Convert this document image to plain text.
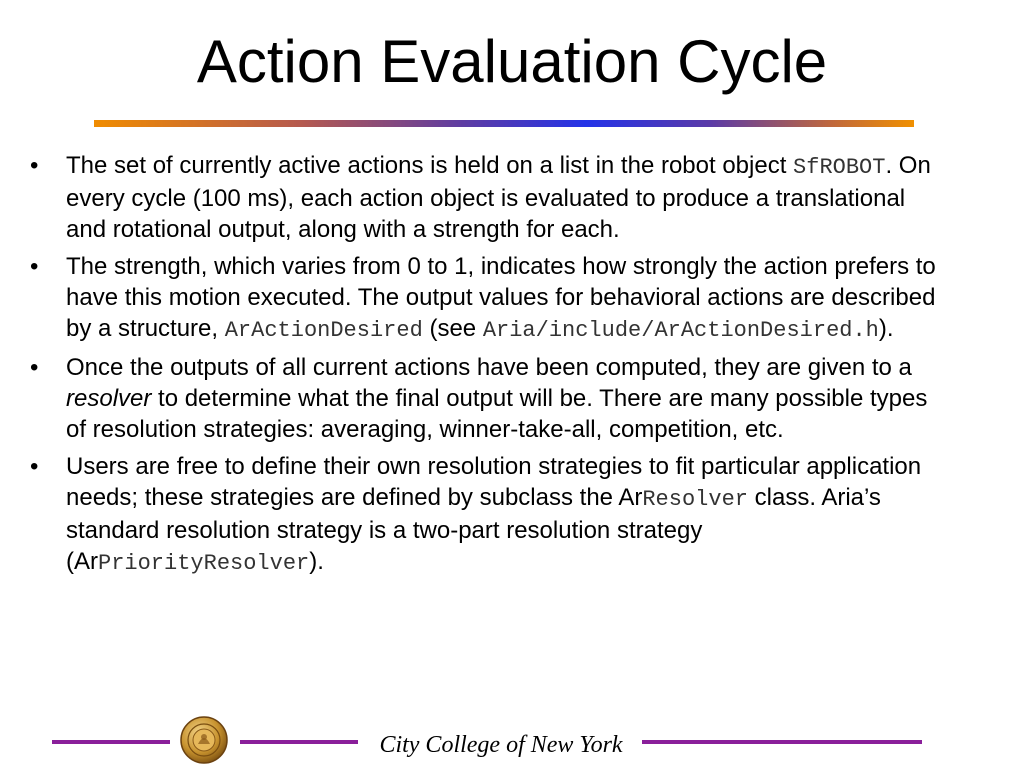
Action Evaluation Cycle
•	The set of currently active actions is held on a list in the robot object SfROBOT. On every cycle (100 ms), each action object is evaluated to produce a translational and rotational output, along with a strength for each.
•	The strength, which varies from 0 to 1, indicates how strongly the action prefers to have this motion executed. The output values for behavioral actions are described by a structure, ArActionDesired (see Aria/include/ArActionDesired.h).
•	Once the outputs of all current actions have been computed, they are given to a resolver to determine what the final output will be. There are many possible types of resolution strategies: averaging, winner-take-all, competition, etc.
•	Users are free to define their own resolution strategies to fit particular application needs; these strategies are defined by subclass the ArResolver class. Aria’s standard resolution strategy is a two-part resolution strategy (ArPriorityResolver).
City College of New York
